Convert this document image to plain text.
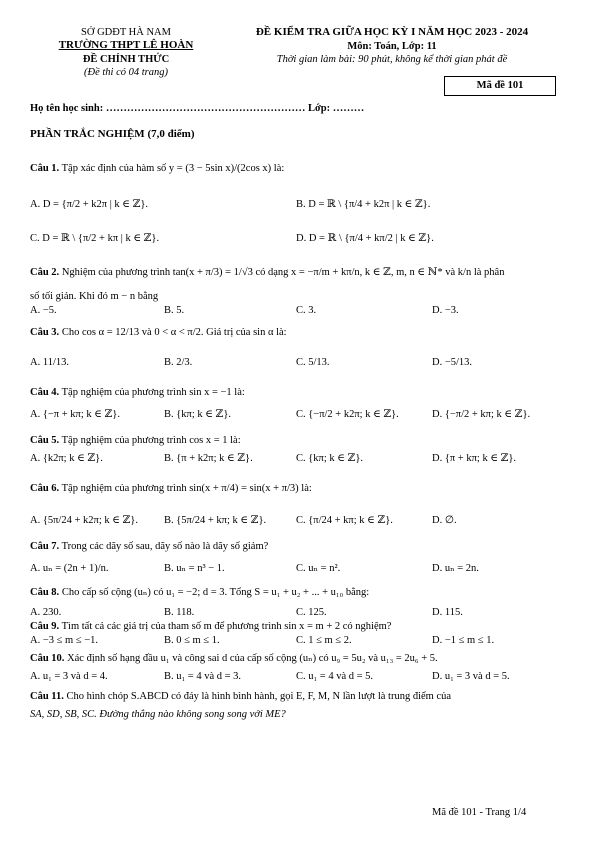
SỞ GDĐT HÀ NAM
TRƯỜNG THPT LÊ HOÀN
ĐỀ CHÍNH THỨC
(Đề thi có 04 trang)
ĐỀ KIỂM TRA GIỮA HỌC KỲ I NĂM HỌC 2023 - 2024
Môn: Toán, Lớp: 11
Thời gian làm bài: 90 phút, không kể thời gian phát đề
Mã đề 101
Họ tên học sinh: ………………………………………………… Lớp: ………
PHẦN TRẮC NGHIỆM (7,0 điểm)
Câu 1. Tập xác định của hàm số y = (3 − 5sin x)/(2cos x) là:
A. D = {π/2 + k2π | k ∈ ℤ}.	B. D = ℝ \ {π/4 + k2π | k ∈ ℤ}.
C. D = ℝ \ {π/2 + kπ | k ∈ ℤ}.	D. D = ℝ \ {π/4 + kπ/2 | k ∈ ℤ}.
Câu 2. Nghiệm của phương trình tan(x + π/3) = 1/√3 có dạng x = −π/m + kπ/n, k ∈ ℤ, m, n ∈ ℕ* và k/n là phân
số tối giản. Khi đó m − n bằng
A. −5.	B. 5.	C. 3.	D. −3.
Câu 3. Cho cos α = 12/13 và 0 < α < π/2. Giá trị của sin α là:
A. 11/13.	B. 2/3.	C. 5/13.	D. −5/13.
Câu 4. Tập nghiệm của phương trình sin x = −1 là:
A. {−π + kπ; k ∈ ℤ}.	B. {kπ; k ∈ ℤ}.	C. {−π/2 + k2π; k ∈ ℤ}.	D. {−π/2 + kπ; k ∈ ℤ}.
Câu 5. Tập nghiệm của phương trình cos x = 1 là:
A. {k2π; k ∈ ℤ}.	B. {π + k2π; k ∈ ℤ}.	C. {kπ; k ∈ ℤ}.	D. {π + kπ; k ∈ ℤ}.
Câu 6. Tập nghiệm của phương trình sin(x + π/4) = sin(x + π/3) là:
A. {5π/24 + k2π; k ∈ ℤ}. B. {5π/24 + kπ; k ∈ ℤ}.	C. {π/24 + kπ; k ∈ ℤ}.	D. ∅.
Câu 7. Trong các dãy số sau, dãy số nào là dãy số giảm?
A. uₙ = (2n + 1)/n.	B. uₙ = n³ − 1.	C. uₙ = n².	D. uₙ = 2n.
Câu 8. Cho cấp số cộng (uₙ) có u₁ = −2; d = 3. Tổng S = u₁ + u₂ + ... + u₁₀ bằng:
A. 230.	B. 118.	C. 125.	D. 115.
Câu 9. Tìm tất cả các giá trị của tham số m để phương trình sin x = m + 2 có nghiệm?
A. −3 ≤ m ≤ −1.	B. 0 ≤ m ≤ 1.	C. 1 ≤ m ≤ 2.	D. −1 ≤ m ≤ 1.
Câu 10. Xác định số hạng đầu u₁ và công sai d của cấp số cộng (uₙ) có u₉ = 5u₂ và u₁₃ = 2u₆ + 5.
A. u₁ = 3 và d = 4.	B. u₁ = 4 và d = 3.	C. u₁ = 4 và d = 5.	D. u₁ = 3 và d = 5.
Câu 11. Cho hình chóp S.ABCD có đáy là hình bình hành, gọi E, F, M, N lần lượt là trung điểm của
SA, SD, SB, SC. Đường thẳng nào không song song với ME?
Mã đề 101 - Trang 1/4
